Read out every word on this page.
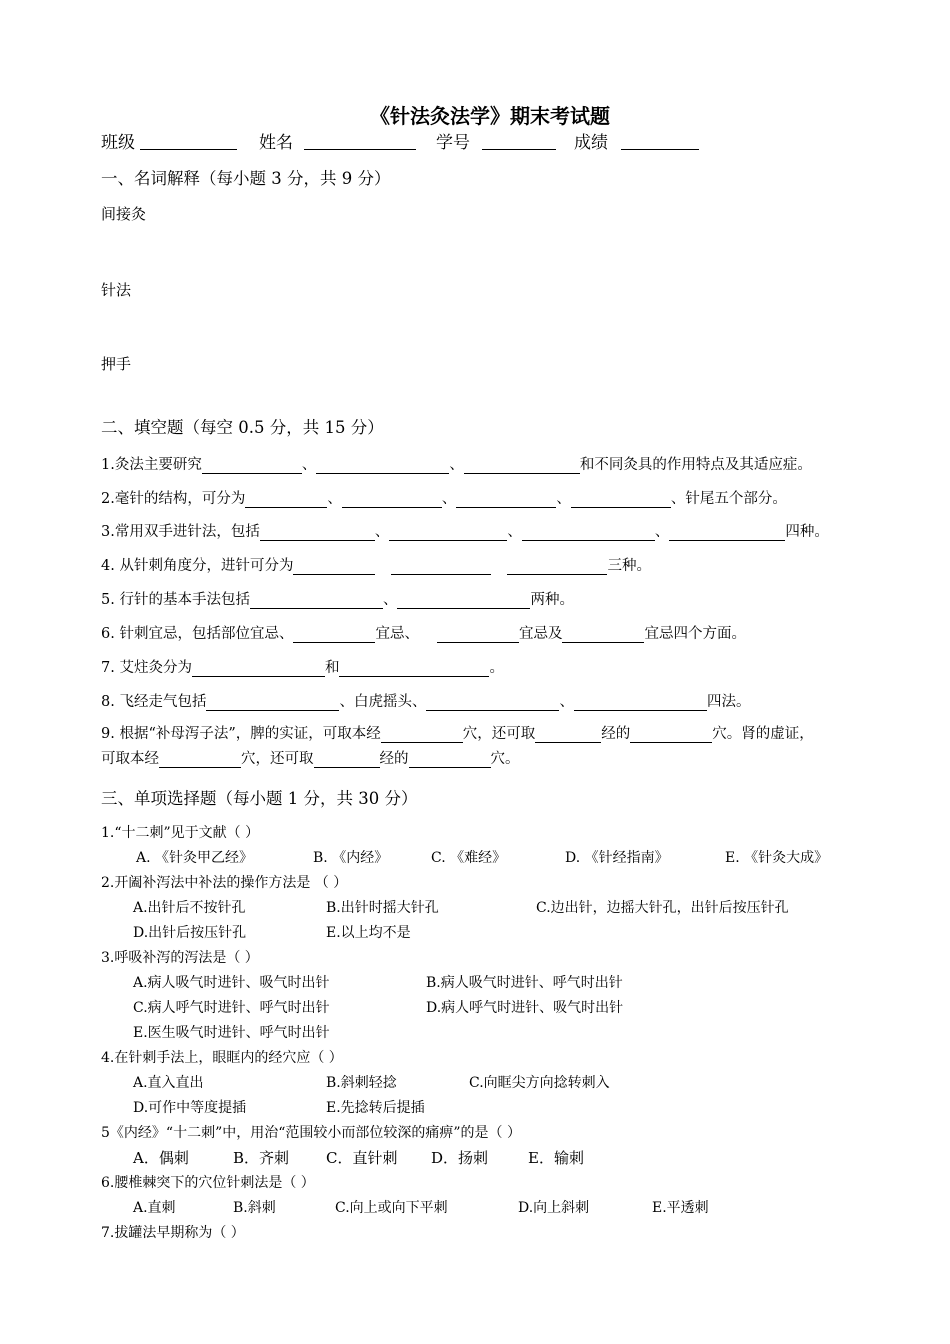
《针法灸法学》期末考试题
班级	姓名	学号	成绩
一、名词解释（每小题 3 分，共 9 分）
间接灸
针法
押手
二、填空题（每空 0.5 分，共 15 分）
1.灸法主要研究	、	、	和不同灸具的作用特点及其适应症。
2.毫针的结构，可分为	、	、	、	、针尾五个部分。
3.常用双手进针法，包括	、	、	、	四种。
4. 从针刺角度分，进针可分为	三种。
5. 行针的基本手法包括	、	两种。
6. 针刺宜忌，包括部位宜忌、	宜忌、	宜忌及	宜忌四个方面。
7. 艾炷灸分为	和	。
8. 飞经走气包括	、白虎摇头、	、	四法。
9. 根据“补母泻子法”，脾的实证，可取本经	穴，还可取	经的	穴。肾的虚证，
可取本经	穴，还可取	经的	穴。
三、单项选择题（每小题 1 分，共 30 分）
1.“十二刺”见于文献（ ）
A. 《针灸甲乙经》	B. 《内经》	C. 《难经》	D. 《针经指南》	E. 《针灸大成》
2.开阖补泻法中补法的操作方法是 （ ）
A.出针后不按针孔	B.出针时摇大针孔	C.边出针，边摇大针孔，出针后按压针孔
D.出针后按压针孔	E.以上均不是
3.呼吸补泻的泻法是（ ）
A.病人吸气时进针、吸气时出针	B.病人吸气时进针、呼气时出针
C.病人呼气时进针、呼气时出针	D.病人呼气时进针、吸气时出针
E.医生吸气时进针、呼气时出针
4.在针刺手法上，眼眶内的经穴应（ ）
A.直入直出	B.斜刺轻捻	C.向眶尖方向捻转刺入
D.可作中等度提插	E.先捻转后提插
5《内经》“十二刺”中，用治“范围较小而部位较深的痛痹”的是（ ）
A．偶刺	B．齐刺 C．直针刺 D．扬刺	E．输刺
6.腰椎棘突下的穴位针刺法是（ ）
A.直刺	B.斜刺	C.向上或向下平刺	D.向上斜刺	E.平透刺
7.拔罐法早期称为（ ）
